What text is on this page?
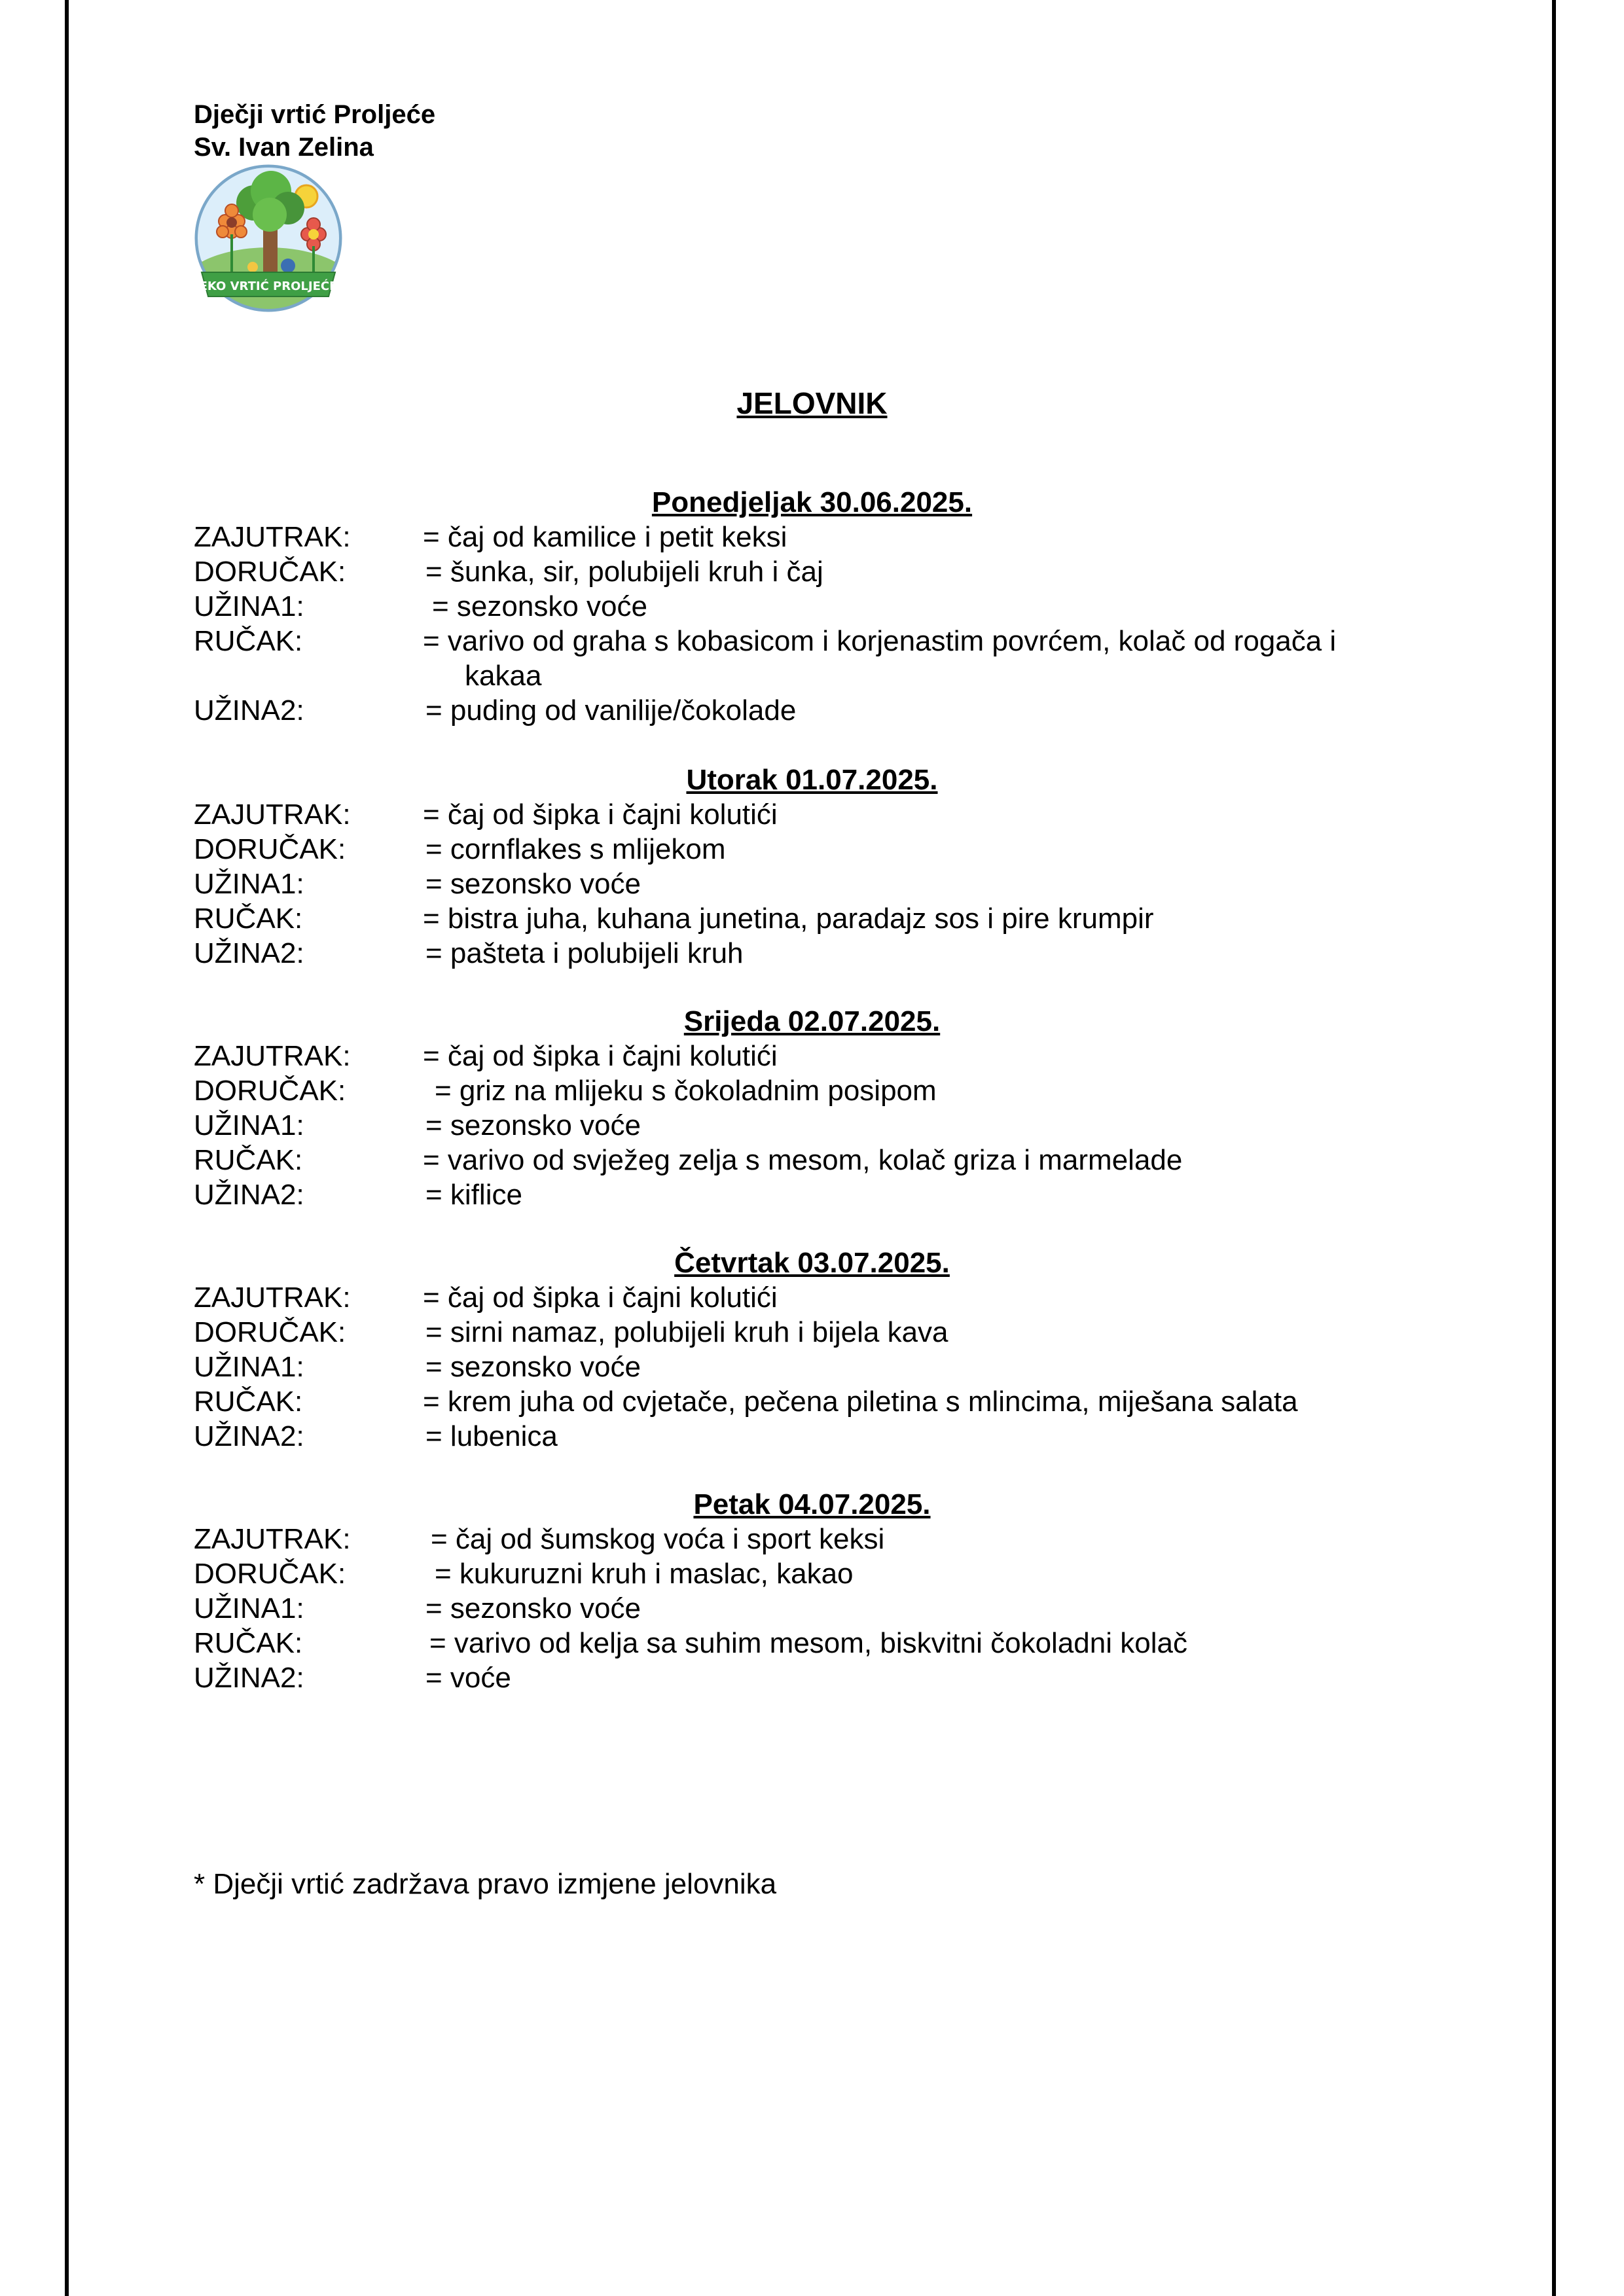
Dječji vrtić Proljeće
Sv. Ivan Zelina
EKO VRTIĆ PROLJEĆE
JELOVNIK
Ponedjeljak 30.06.2025.
ZAJUTRAK:	= čaj od kamilice i petit keksi
DORUČAK:	= šunka, sir, polubijeli kruh i čaj
UŽINA1:	= sezonsko voće
RUČAK:	= varivo od graha s kobasicom i korjenastim povrćem, kolač od rogača i
kakaa
UŽINA2:	= puding od vanilije/čokolade
Utorak 01.07.2025.
ZAJUTRAK:	= čaj od šipka i čajni kolutići
DORUČAK:	= cornflakes s mlijekom
UŽINA1:	= sezonsko voće
RUČAK:	= bistra juha, kuhana junetina, paradajz sos i pire krumpir
UŽINA2:	= pašteta i polubijeli kruh
Srijeda 02.07.2025.
ZAJUTRAK:	= čaj od šipka i čajni kolutići
DORUČAK:	= griz na mlijeku s čokoladnim posipom
UŽINA1:	= sezonsko voće
RUČAK:	= varivo od svježeg zelja s mesom, kolač griza i marmelade
UŽINA2:	= kiflice
Četvrtak 03.07.2025.
ZAJUTRAK:	= čaj od šipka i čajni kolutići
DORUČAK:	= sirni namaz, polubijeli kruh i bijela kava
UŽINA1:	= sezonsko voće
RUČAK:	= krem juha od cvjetače, pečena piletina s mlincima, miješana salata
UŽINA2:	= lubenica
Petak 04.07.2025.
ZAJUTRAK:	= čaj od šumskog voća i sport keksi
DORUČAK:	= kukuruzni kruh i maslac, kakao
UŽINA1:	= sezonsko voće
RUČAK:	= varivo od kelja sa suhim mesom, biskvitni čokoladni kolač
UŽINA2:	= voće
* Dječji vrtić zadržava pravo izmjene jelovnika
